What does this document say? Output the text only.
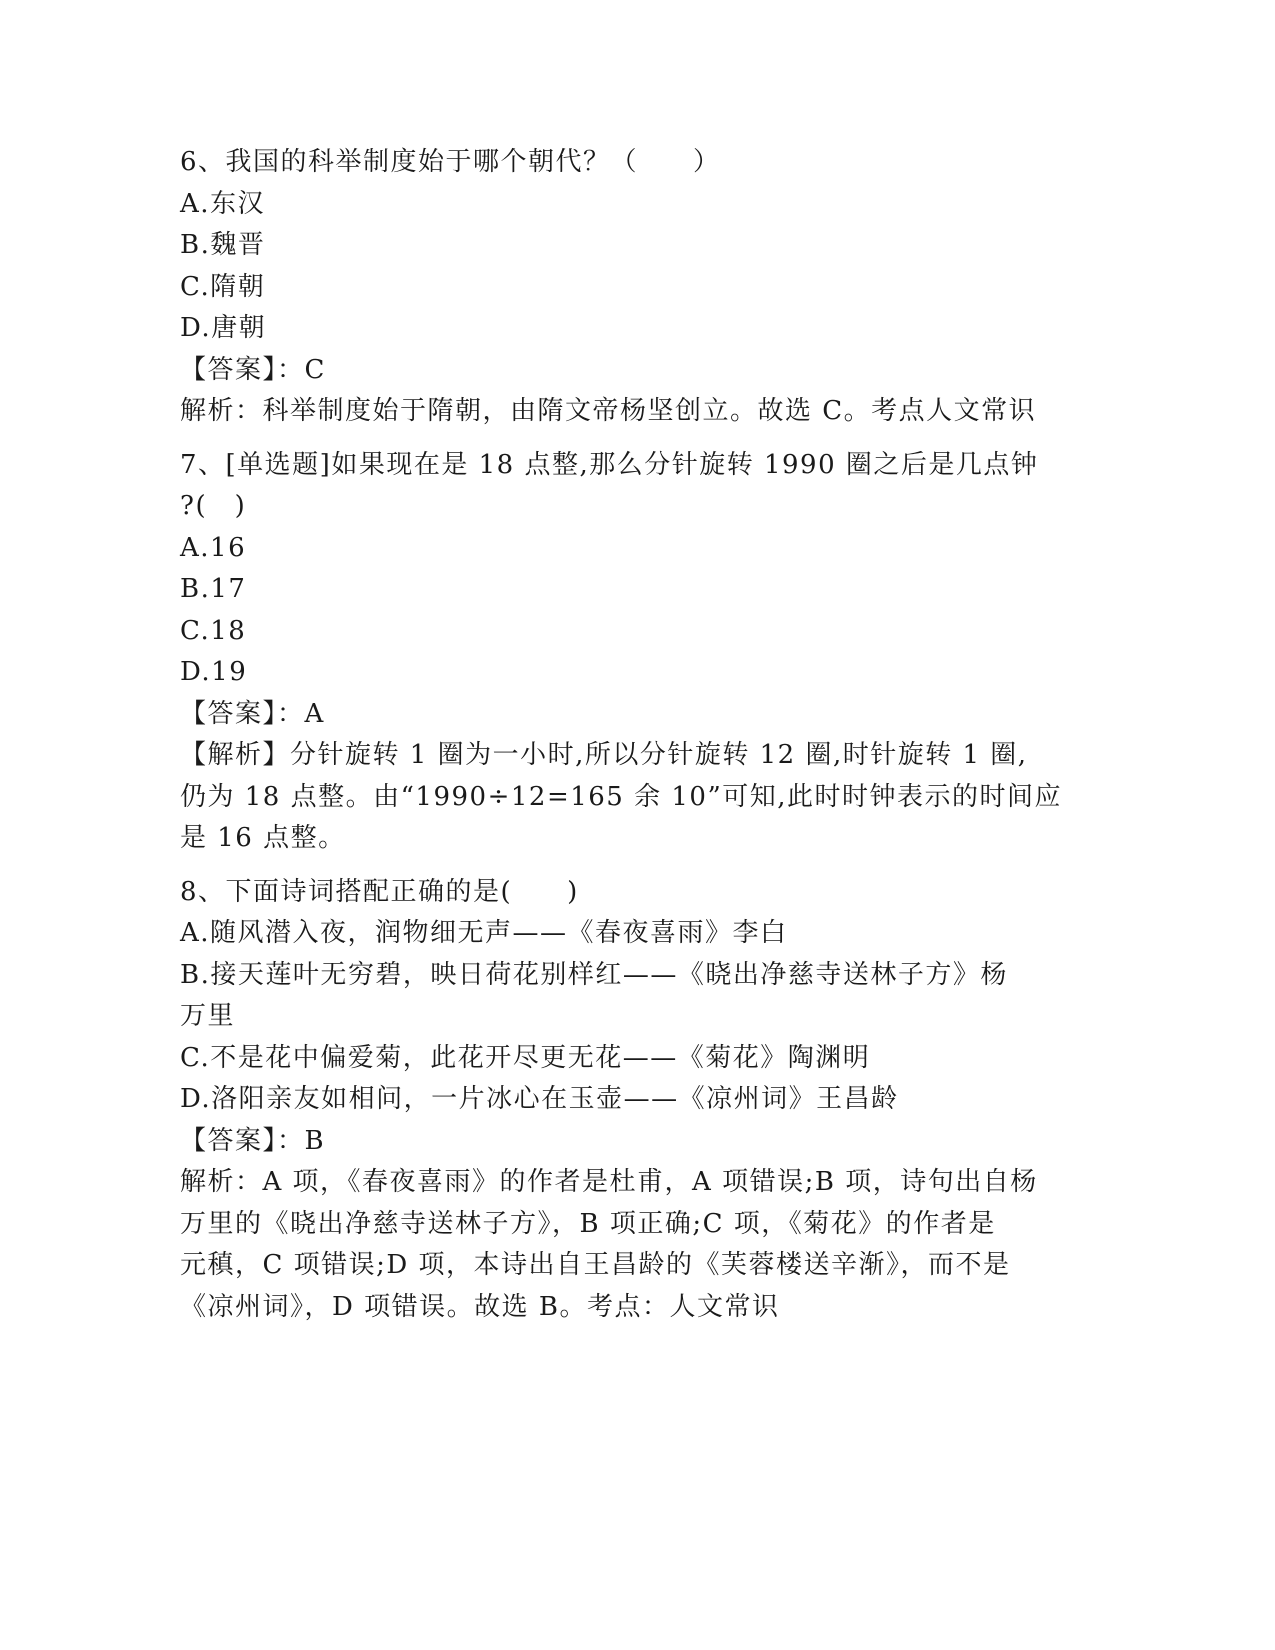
6、我国的科举制度始于哪个朝代？（　　）
A.东汉
B.魏晋
C.隋朝
D.唐朝
【答案】：C
解析：科举制度始于隋朝，由隋文帝杨坚创立。故选 C。考点人文常识
7、[单选题]如果现在是 18 点整,那么分针旋转 1990 圈之后是几点钟
?(　)
A.16
B.17
C.18
D.19
【答案】：A
【解析】分针旋转 1 圈为一小时,所以分针旋转 12 圈,时针旋转 1 圈,
仍为 18 点整。由“1990÷12=165 余 10”可知,此时时钟表示的时间应
是 16 点整。
8、下面诗词搭配正确的是(　　)
A.随风潜入夜，润物细无声——《春夜喜雨》李白
B.接天莲叶无穷碧，映日荷花别样红——《晓出净慈寺送林子方》杨
万里
C.不是花中偏爱菊，此花开尽更无花——《菊花》陶渊明
D.洛阳亲友如相问，一片冰心在玉壶——《凉州词》王昌龄
【答案】：B
解析：A 项，《春夜喜雨》的作者是杜甫，A 项错误;B 项，诗句出自杨
万里的《晓出净慈寺送林子方》，B 项正确;C 项，《菊花》的作者是
元稹，C 项错误;D 项，本诗出自王昌龄的《芙蓉楼送辛渐》，而不是
《凉州词》，D 项错误。故选 B。考点：人文常识
